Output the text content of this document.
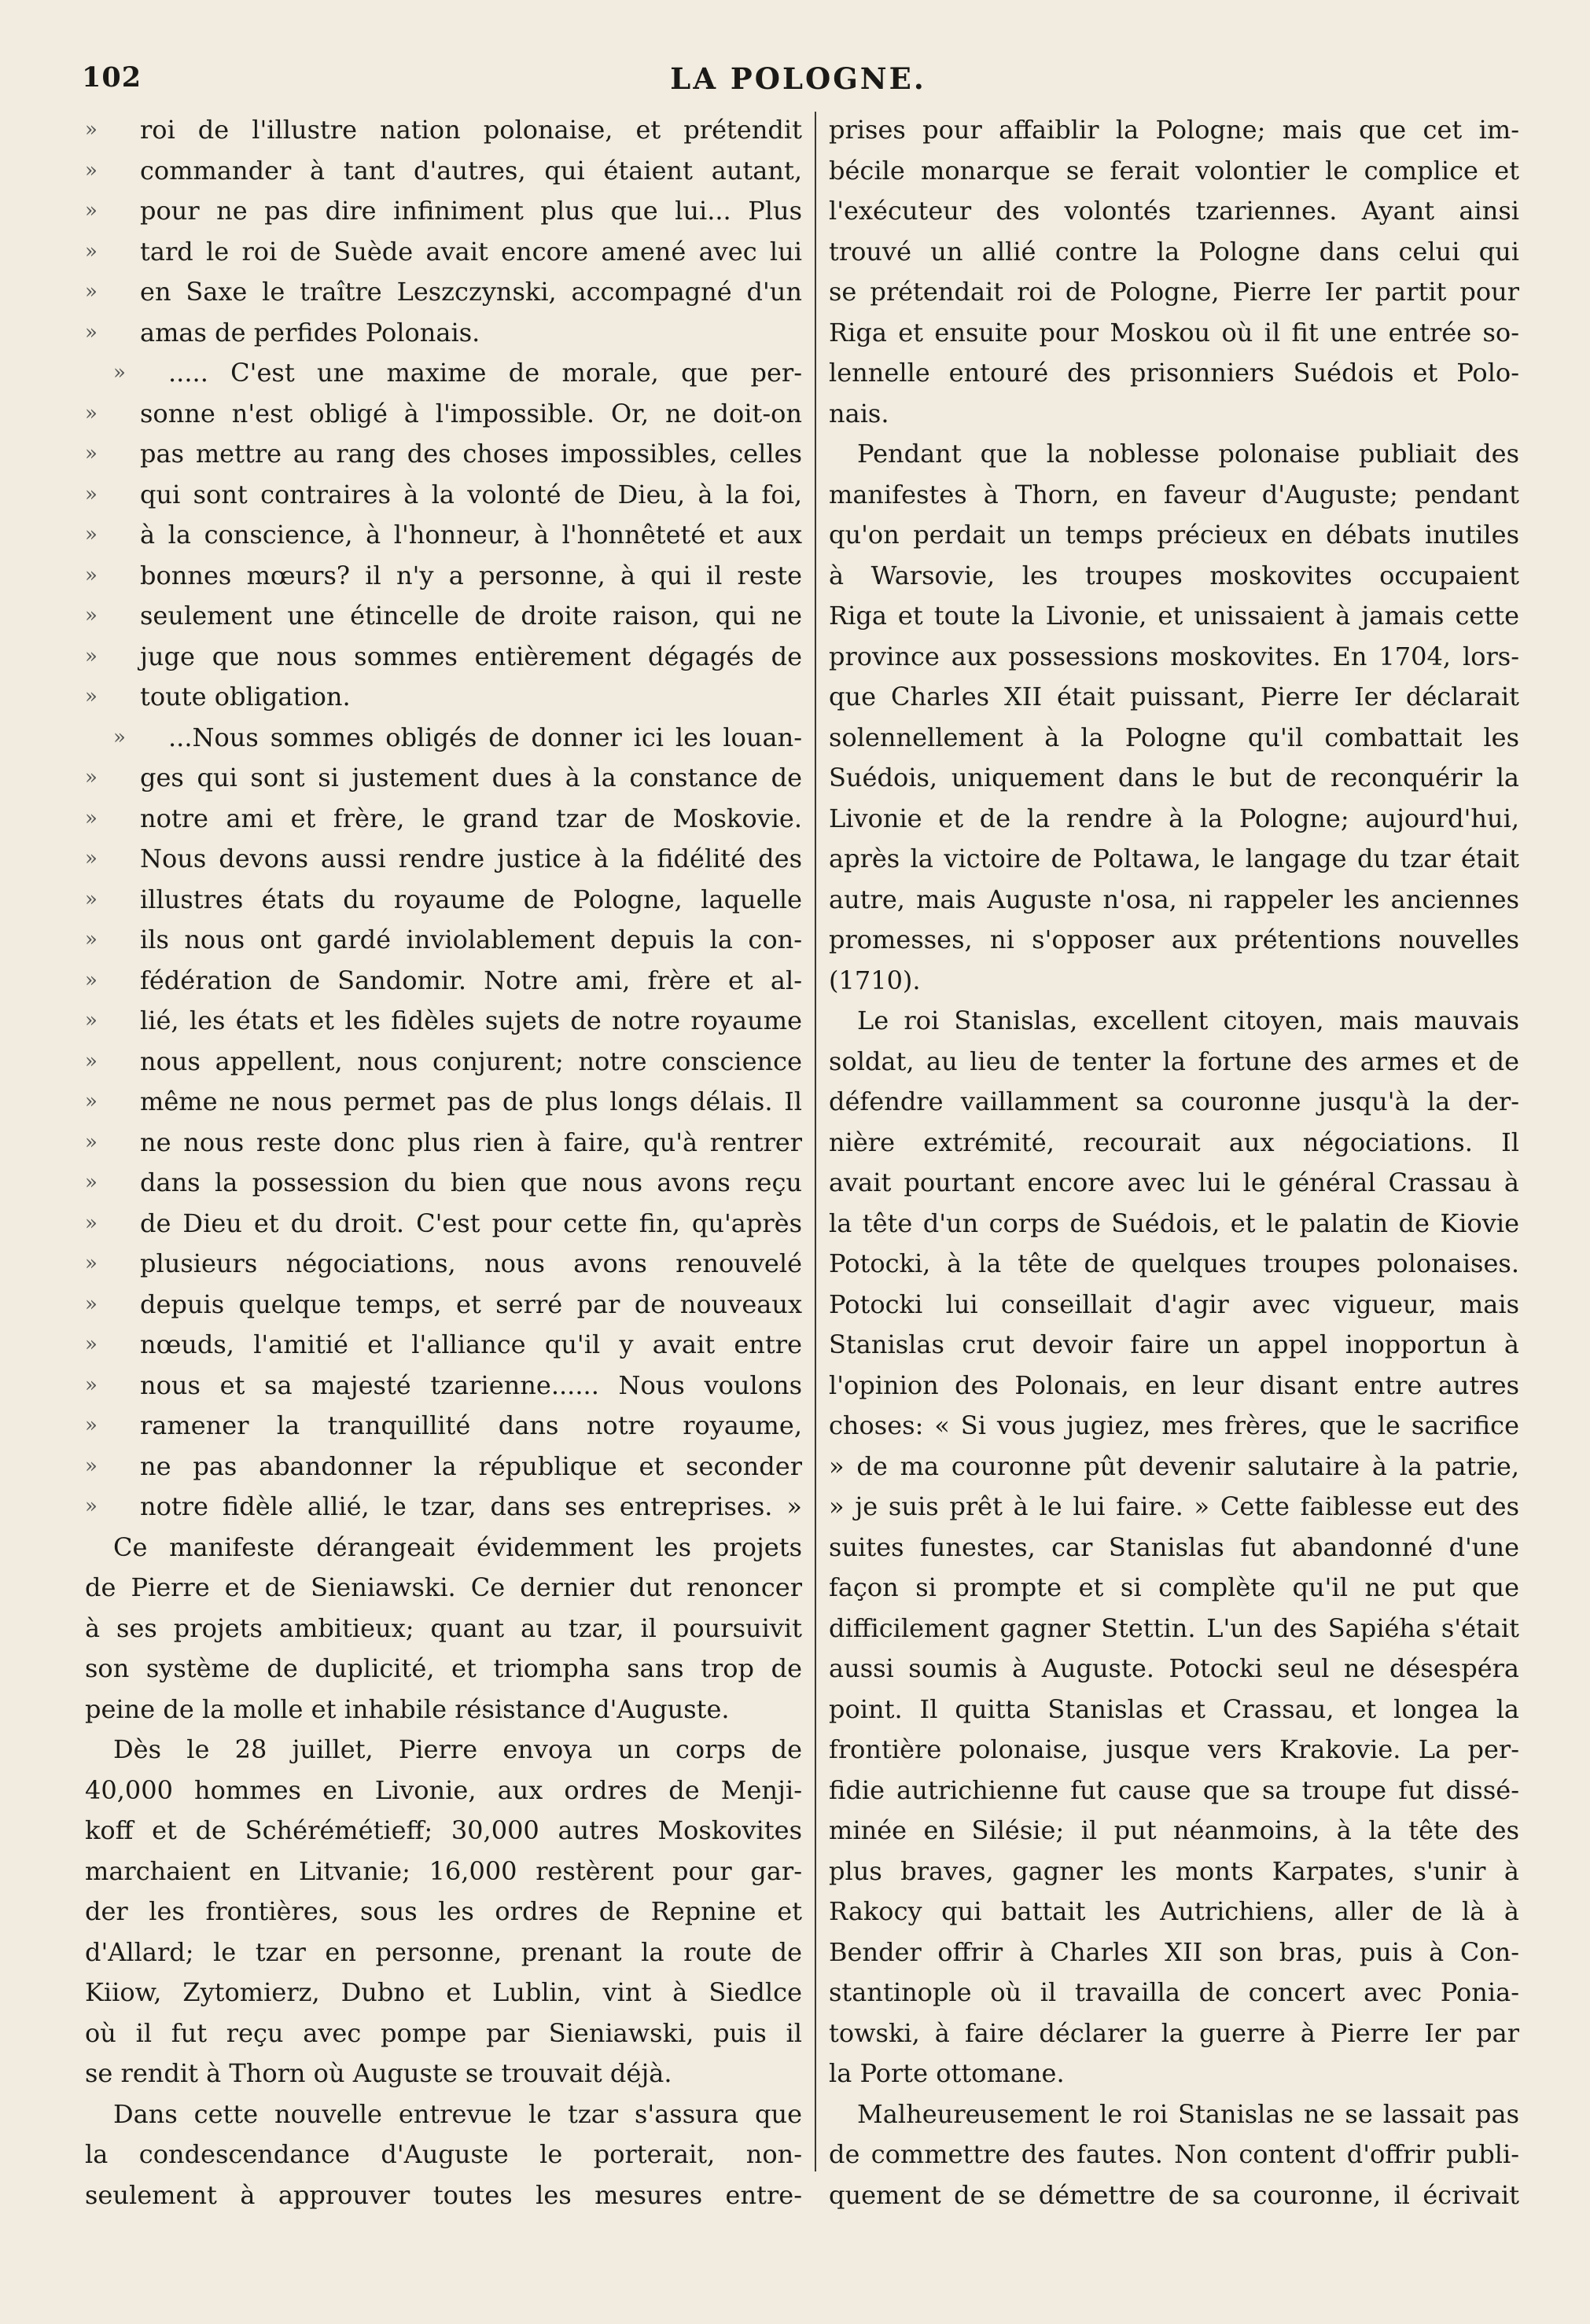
102	LA POLOGNE.
» roi de l'illustre nation polonaise, et prétendit
» commander à tant d'autres, qui étaient autant,
» pour ne pas dire infiniment plus que lui... Plus
» tard le roi de Suède avait encore amené avec lui
» en Saxe le traître Leszczynski, accompagné d'un
» amas de perfides Polonais.
» ..... C'est une maxime de morale, que per-
» sonne n'est obligé à l'impossible. Or, ne doit-on
» pas mettre au rang des choses impossibles, celles
» qui sont contraires à la volonté de Dieu, à la foi,
» à la conscience, à l'honneur, à l'honnêteté et aux
» bonnes mœurs? il n'y a personne, à qui il reste
» seulement une étincelle de droite raison, qui ne
» juge que nous sommes entièrement dégagés de
» toute obligation.
» ...Nous sommes obligés de donner ici les louan-
» ges qui sont si justement dues à la constance de
» notre ami et frère, le grand tzar de Moskovie.
» Nous devons aussi rendre justice à la fidélité des
» illustres états du royaume de Pologne, laquelle
» ils nous ont gardé inviolablement depuis la con-
» fédération de Sandomir. Notre ami, frère et al-
» lié, les états et les fidèles sujets de notre royaume
» nous appellent, nous conjurent; notre conscience
» même ne nous permet pas de plus longs délais. Il
» ne nous reste donc plus rien à faire, qu'à rentrer
» dans la possession du bien que nous avons reçu
» de Dieu et du droit. C'est pour cette fin, qu'après
» plusieurs négociations, nous avons renouvelé
» depuis quelque temps, et serré par de nouveaux
» nœuds, l'amitié et l'alliance qu'il y avait entre
» nous et sa majesté tzarienne...... Nous voulons
» ramener la tranquillité dans notre royaume,
» ne pas abandonner la république et seconder
» notre fidèle allié, le tzar, dans ses entreprises. »
Ce manifeste dérangeait évidemment les projets
de Pierre et de Sieniawski. Ce dernier dut renoncer
à ses projets ambitieux; quant au tzar, il poursuivit
son système de duplicité, et triompha sans trop de
peine de la molle et inhabile résistance d'Auguste.
Dès le 28 juillet, Pierre envoya un corps de
40,000 hommes en Livonie, aux ordres de Menji-
koff et de Schérémétieff; 30,000 autres Moskovites
marchaient en Litvanie; 16,000 restèrent pour gar-
der les frontières, sous les ordres de Repnine et
d'Allard; le tzar en personne, prenant la route de
Kiiow, Zytomierz, Dubno et Lublin, vint à Siedlce
où il fut reçu avec pompe par Sieniawski, puis il
se rendit à Thorn où Auguste se trouvait déjà.
Dans cette nouvelle entrevue le tzar s'assura que
la condescendance d'Auguste le porterait, non-
seulement à approuver toutes les mesures entre-
prises pour affaiblir la Pologne; mais que cet im-
bécile monarque se ferait volontier le complice et
l'exécuteur des volontés tzariennes. Ayant ainsi
trouvé un allié contre la Pologne dans celui qui
se prétendait roi de Pologne, Pierre Ier partit pour
Riga et ensuite pour Moskou où il fit une entrée so-
lennelle entouré des prisonniers Suédois et Polo-
nais.
Pendant que la noblesse polonaise publiait des
manifestes à Thorn, en faveur d'Auguste; pendant
qu'on perdait un temps précieux en débats inutiles
à Warsovie, les troupes moskovites occupaient
Riga et toute la Livonie, et unissaient à jamais cette
province aux possessions moskovites. En 1704, lors-
que Charles XII était puissant, Pierre Ier déclarait
solennellement à la Pologne qu'il combattait les
Suédois, uniquement dans le but de reconquérir la
Livonie et de la rendre à la Pologne; aujourd'hui,
après la victoire de Poltawa, le langage du tzar était
autre, mais Auguste n'osa, ni rappeler les anciennes
promesses, ni s'opposer aux prétentions nouvelles
(1710).
Le roi Stanislas, excellent citoyen, mais mauvais
soldat, au lieu de tenter la fortune des armes et de
défendre vaillamment sa couronne jusqu'à la der-
nière extrémité, recourait aux négociations. Il
avait pourtant encore avec lui le général Crassau à
la tête d'un corps de Suédois, et le palatin de Kiovie
Potocki, à la tête de quelques troupes polonaises.
Potocki lui conseillait d'agir avec vigueur, mais
Stanislas crut devoir faire un appel inopportun à
l'opinion des Polonais, en leur disant entre autres
choses: « Si vous jugiez, mes frères, que le sacrifice
» de ma couronne pût devenir salutaire à la patrie,
» je suis prêt à le lui faire. » Cette faiblesse eut des
suites funestes, car Stanislas fut abandonné d'une
façon si prompte et si complète qu'il ne put que
difficilement gagner Stettin. L'un des Sapiéha s'était
aussi soumis à Auguste. Potocki seul ne désespéra
point. Il quitta Stanislas et Crassau, et longea la
frontière polonaise, jusque vers Krakovie. La per-
fidie autrichienne fut cause que sa troupe fut dissé-
minée en Silésie; il put néanmoins, à la tête des
plus braves, gagner les monts Karpates, s'unir à
Rakocy qui battait les Autrichiens, aller de là à
Bender offrir à Charles XII son bras, puis à Con-
stantinople où il travailla de concert avec Ponia-
towski, à faire déclarer la guerre à Pierre Ier par
la Porte ottomane.
Malheureusement le roi Stanislas ne se lassait pas
de commettre des fautes. Non content d'offrir publi-
quement de se démettre de sa couronne, il écrivait
